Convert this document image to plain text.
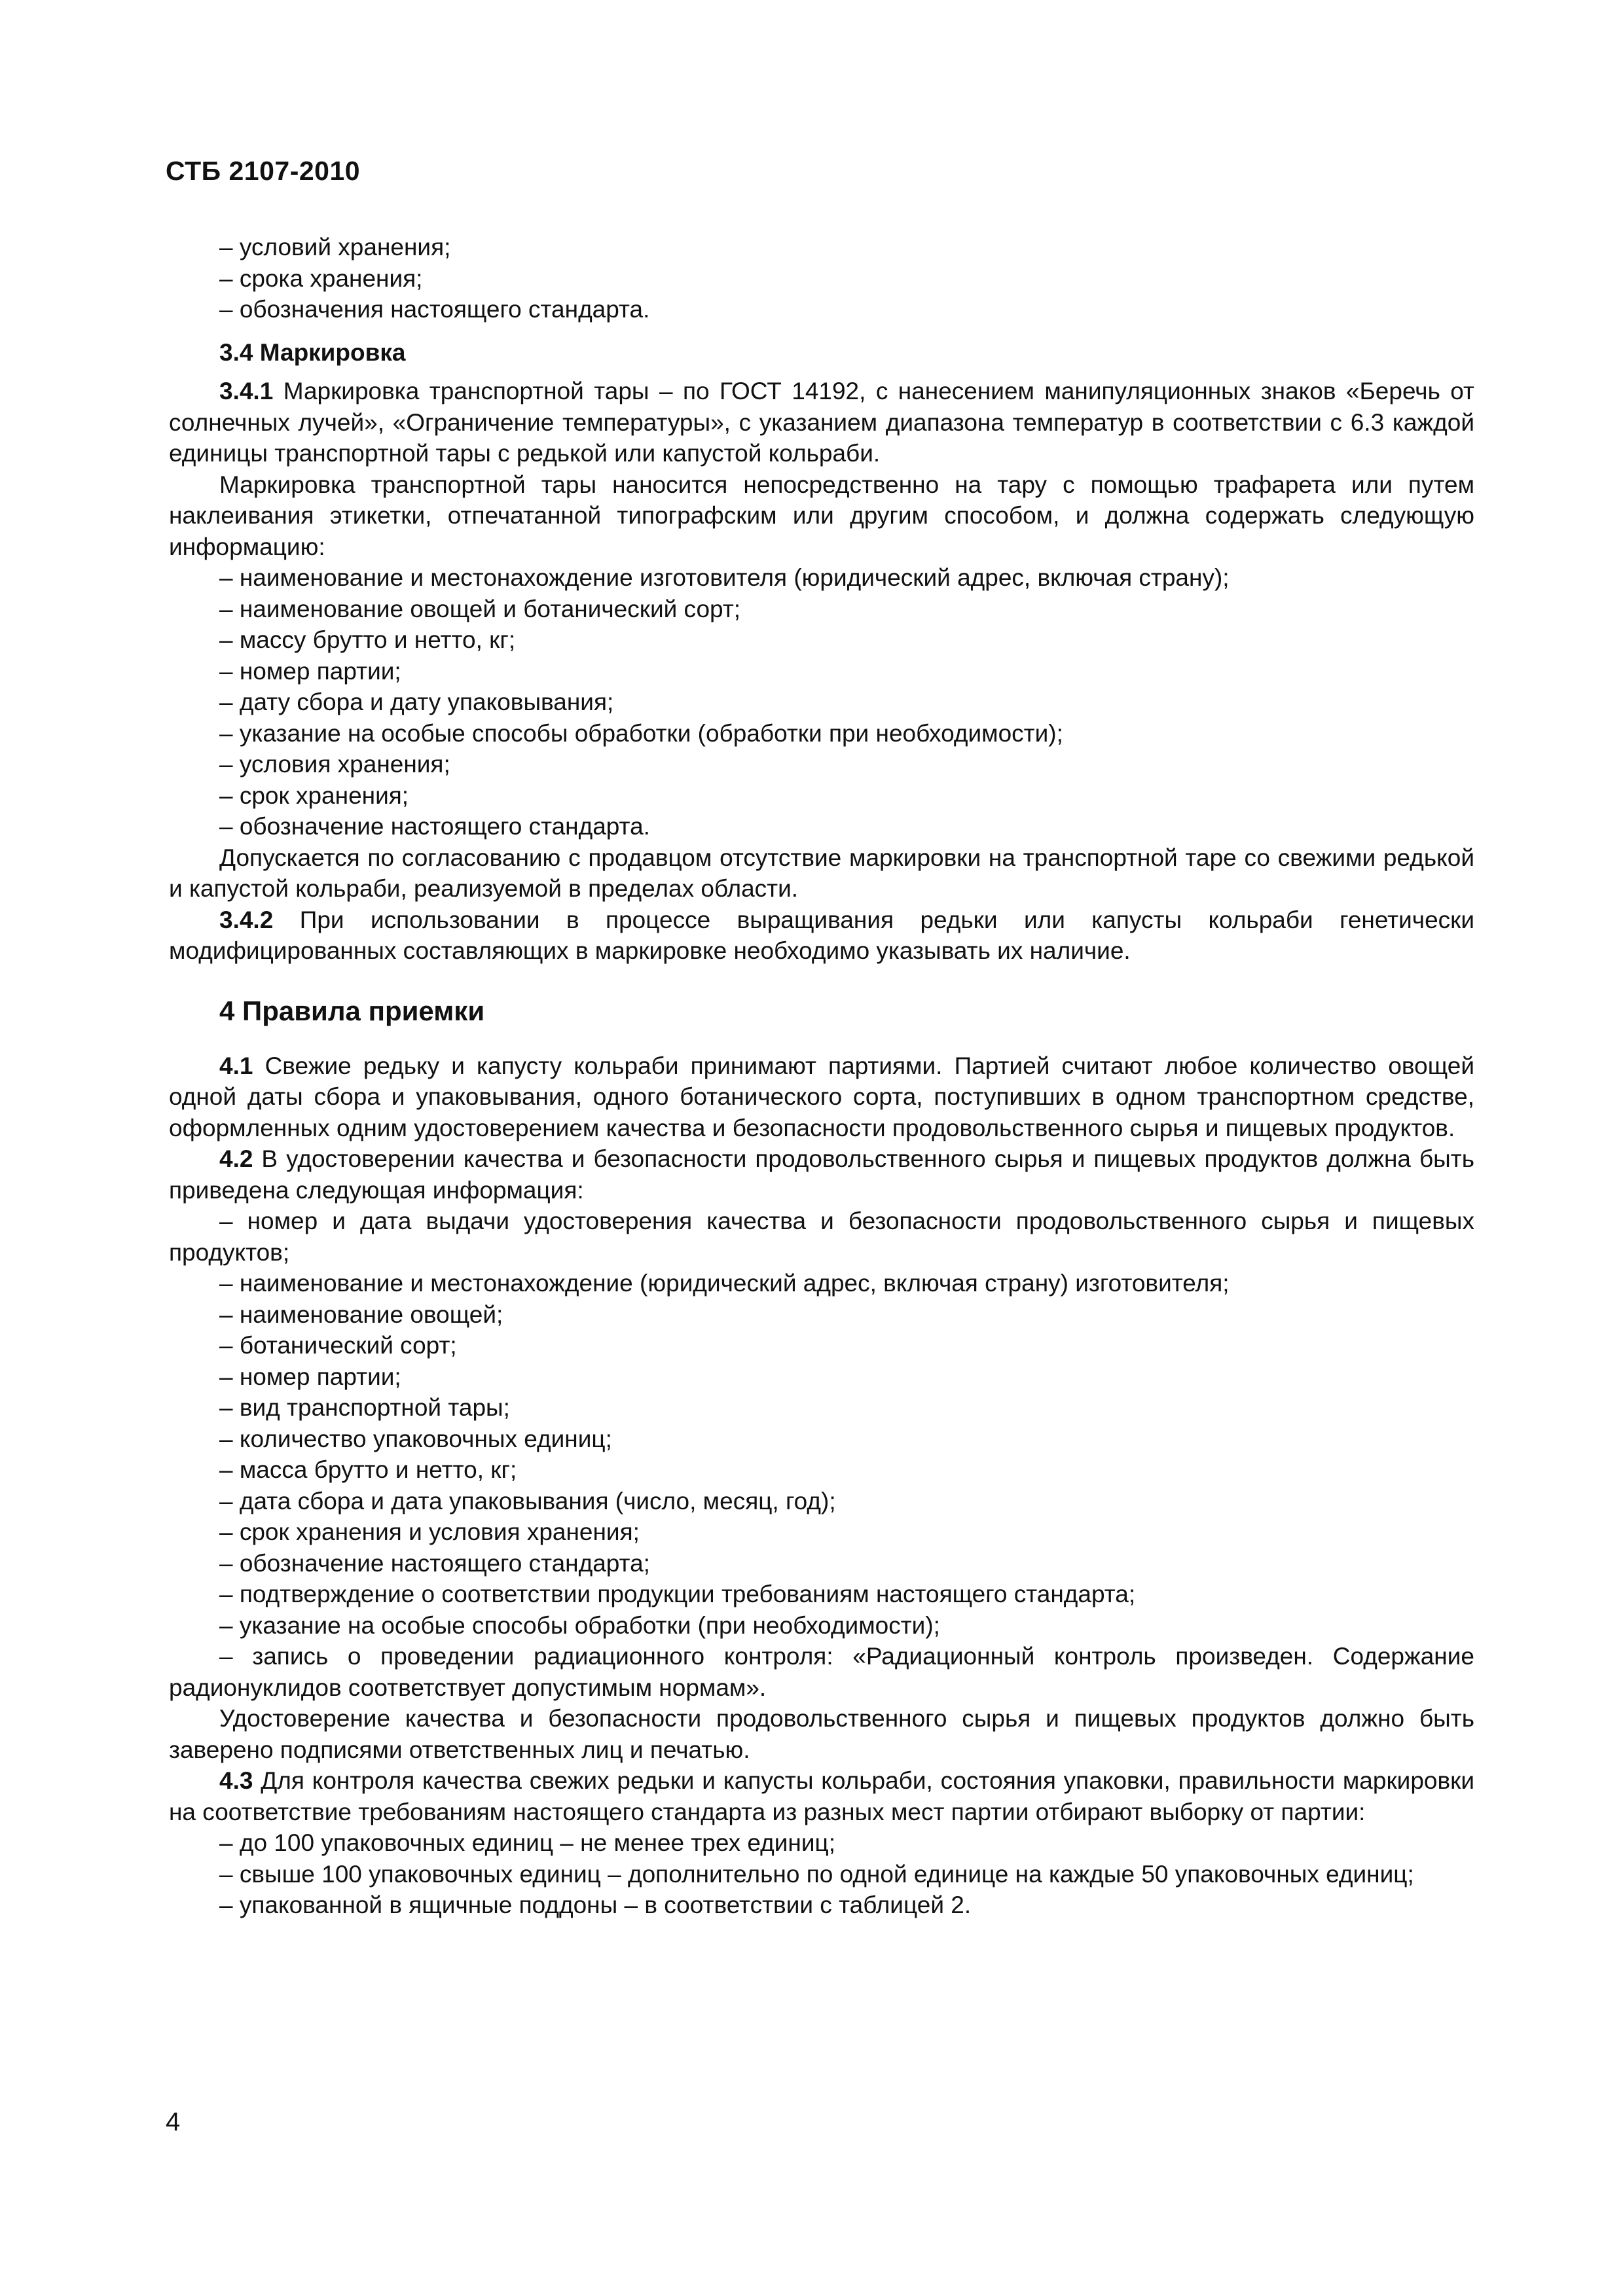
СТБ 2107-2010

– условий хранения;

– срока хранения;

– обозначения настоящего стандарта.

3.4 Маркировка

3.4.1 Маркировка транспортной тары – по ГОСТ 14192, с нанесением манипуляционных знаков «Беречь от солнечных лучей», «Ограничение температуры», с указанием диапазона температур в соответствии с 6.3 каждой единицы транспортной тары с редькой или капустой кольраби.

Маркировка транспортной тары наносится непосредственно на тару с помощью трафарета или путем наклеивания этикетки, отпечатанной типографским или другим способом, и должна содержать следующую информацию:

– наименование и местонахождение изготовителя (юридический адрес, включая страну);

– наименование овощей и ботанический сорт;

– массу брутто и нетто, кг;

– номер партии;

– дату сбора и дату упаковывания;

– указание на особые способы обработки (обработки при необходимости);

– условия хранения;

– срок хранения;

– обозначение настоящего стандарта.

Допускается по согласованию с продавцом отсутствие маркировки на транспортной таре со свежими редькой и капустой кольраби, реализуемой в пределах области.

3.4.2 При использовании в процессе выращивания редьки или капусты кольраби генетически модифицированных составляющих в маркировке необходимо указывать их наличие.

4 Правила приемки

4.1 Свежие редьку и капусту кольраби принимают партиями. Партией считают любое количество овощей одной даты сбора и упаковывания, одного ботанического сорта, поступивших в одном транспортном средстве, оформленных одним удостоверением качества и безопасности продовольственного сырья и пищевых продуктов.

4.2 В удостоверении качества и безопасности продовольственного сырья и пищевых продуктов должна быть приведена следующая информация:

– номер и дата выдачи удостоверения качества и безопасности продовольственного сырья и пищевых продуктов;

– наименование и местонахождение (юридический адрес, включая страну) изготовителя;

– наименование овощей;

– ботанический сорт;

– номер партии;

– вид транспортной тары;

– количество упаковочных единиц;

– масса брутто и нетто, кг;

– дата сбора и дата упаковывания (число, месяц, год);

– срок хранения и условия хранения;

– обозначение настоящего стандарта;

– подтверждение о соответствии продукции требованиям настоящего стандарта;

– указание на особые способы обработки (при необходимости);

– запись о проведении радиационного контроля: «Радиационный контроль произведен. Содержание радионуклидов соответствует допустимым нормам».

Удостоверение качества и безопасности продовольственного сырья и пищевых продуктов должно быть заверено подписями ответственных лиц и печатью.

4.3 Для контроля качества свежих редьки и капусты кольраби, состояния упаковки, правильности маркировки на соответствие требованиям настоящего стандарта из разных мест партии отбирают выборку от партии:

– до 100 упаковочных единиц – не менее трех единиц;

– свыше 100 упаковочных единиц – дополнительно по одной единице на каждые 50 упаковочных единиц;

– упакованной в ящичные поддоны – в соответствии с таблицей 2.

4
